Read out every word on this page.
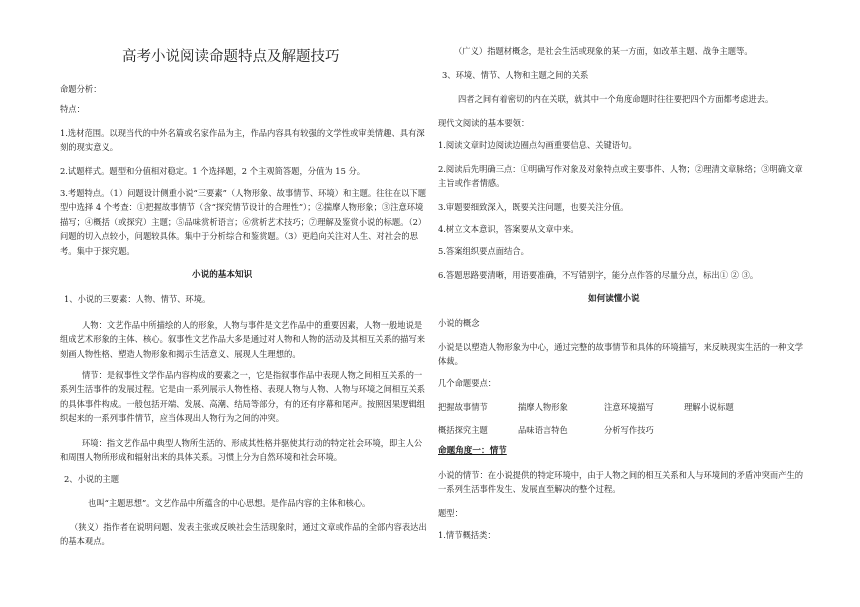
高考小说阅读命题特点及解题技巧
命题分析：
特点：
1.选材范围。以现当代的中外名篇或名家作品为主，作品内容具有较强的文学性或审美情趣、具有深刻的现实意义。
2.试题样式。题型和分值相对稳定。1 个选择题，2 个主观简答题，分值为 15 分。
3.考题特点。（1）问题设计侧重小说“三要素”（人物形象、故事情节、环境）和主题。往往在以下题型中选择 4 个考查：①把握故事情节（含“探究情节设计的合理性”）；②揣摩人物形象；③注意环境描写；④概括（或探究）主题；⑤品味赏析语言；⑥赏析艺术技巧；⑦理解及鉴赏小说的标题。（2）问题的切入点较小，问题较具体。集中于分析综合和鉴赏题。（3）更趋向关注对人生、对社会的思考。集中于探究题。
小说的基本知识
1、小说的三要素：人物、情节、环境。
人物：文艺作品中所描绘的人的形象，人物与事件是文艺作品中的重要因素，人物一般地说是组成艺术形象的主体、核心。叙事性文艺作品大多是通过对人物和人物的活动及其相互关系的描写来刻画人物性格、塑造人物形象和揭示生活意义、展现人生理想的。
情节：是叙事性文学作品内容构成的要素之一，它是指叙事作品中表现人物之间相互关系的一系列生活事件的发展过程。它是由一系列展示人物性格、表现人物与人物、人物与环境之间相互关系的具体事件构成。一般包括开端、发展、高潮、结局等部分，有的还有序幕和尾声。按照因果逻辑组织起来的一系列事件情节，应当体现出人物行为之间的冲突。
环境：指文艺作品中典型人物所生活的、形成其性格并驱使其行动的特定社会环境，即主人公和周围人物所形成和辐射出来的具体关系。习惯上分为自然环境和社会环境。
2、小说的主题
也叫“主题思想”。文艺作品中所蕴含的中心思想。是作品内容的主体和核心。
（狭义）指作者在说明问题、发表主张或反映社会生活现象时，通过文章或作品的全部内容表达出的基本观点。
（广义）指题材概念，是社会生活或现象的某一方面，如改革主题、战争主题等。
3、环境、情节、人物和主题之间的关系
四者之间有着密切的内在关联，就其中一个角度命题时往往要把四个方面都考虑进去。
现代文阅读的基本要领：
1.阅读文章时边阅读边圈点勾画重要信息、关键语句。
2.阅读后先明确三点：①明确写作对象及对象特点或主要事件、人物；②理清文章脉络；③明确文章主旨或作者情感。
3.审题要细致深入，既要关注问题，也要关注分值。
4.树立文本意识，答案要从文章中来。
5.答案组织要点面结合。
6.答题思路要清晰，用语要准确，不写错别字，能分点作答的尽量分点，标出① ② ③。
如何读懂小说
小说的概念
小说是以塑造人物形象为中心，通过完整的故事情节和具体的环境描写，来反映现实生活的一种文学体裁。
几个命题要点：
把握故事情节	揣摩人物形象	注意环境描写	理解小说标题
概括探究主题	品味语言特色	分析写作技巧
命题角度一：情节
小说的情节：在小说提供的特定环境中，由于人物之间的相互关系和人与环境间的矛盾冲突而产生的一系列生活事件发生、发展直至解决的整个过程。
题型：
1.情节概括类：
